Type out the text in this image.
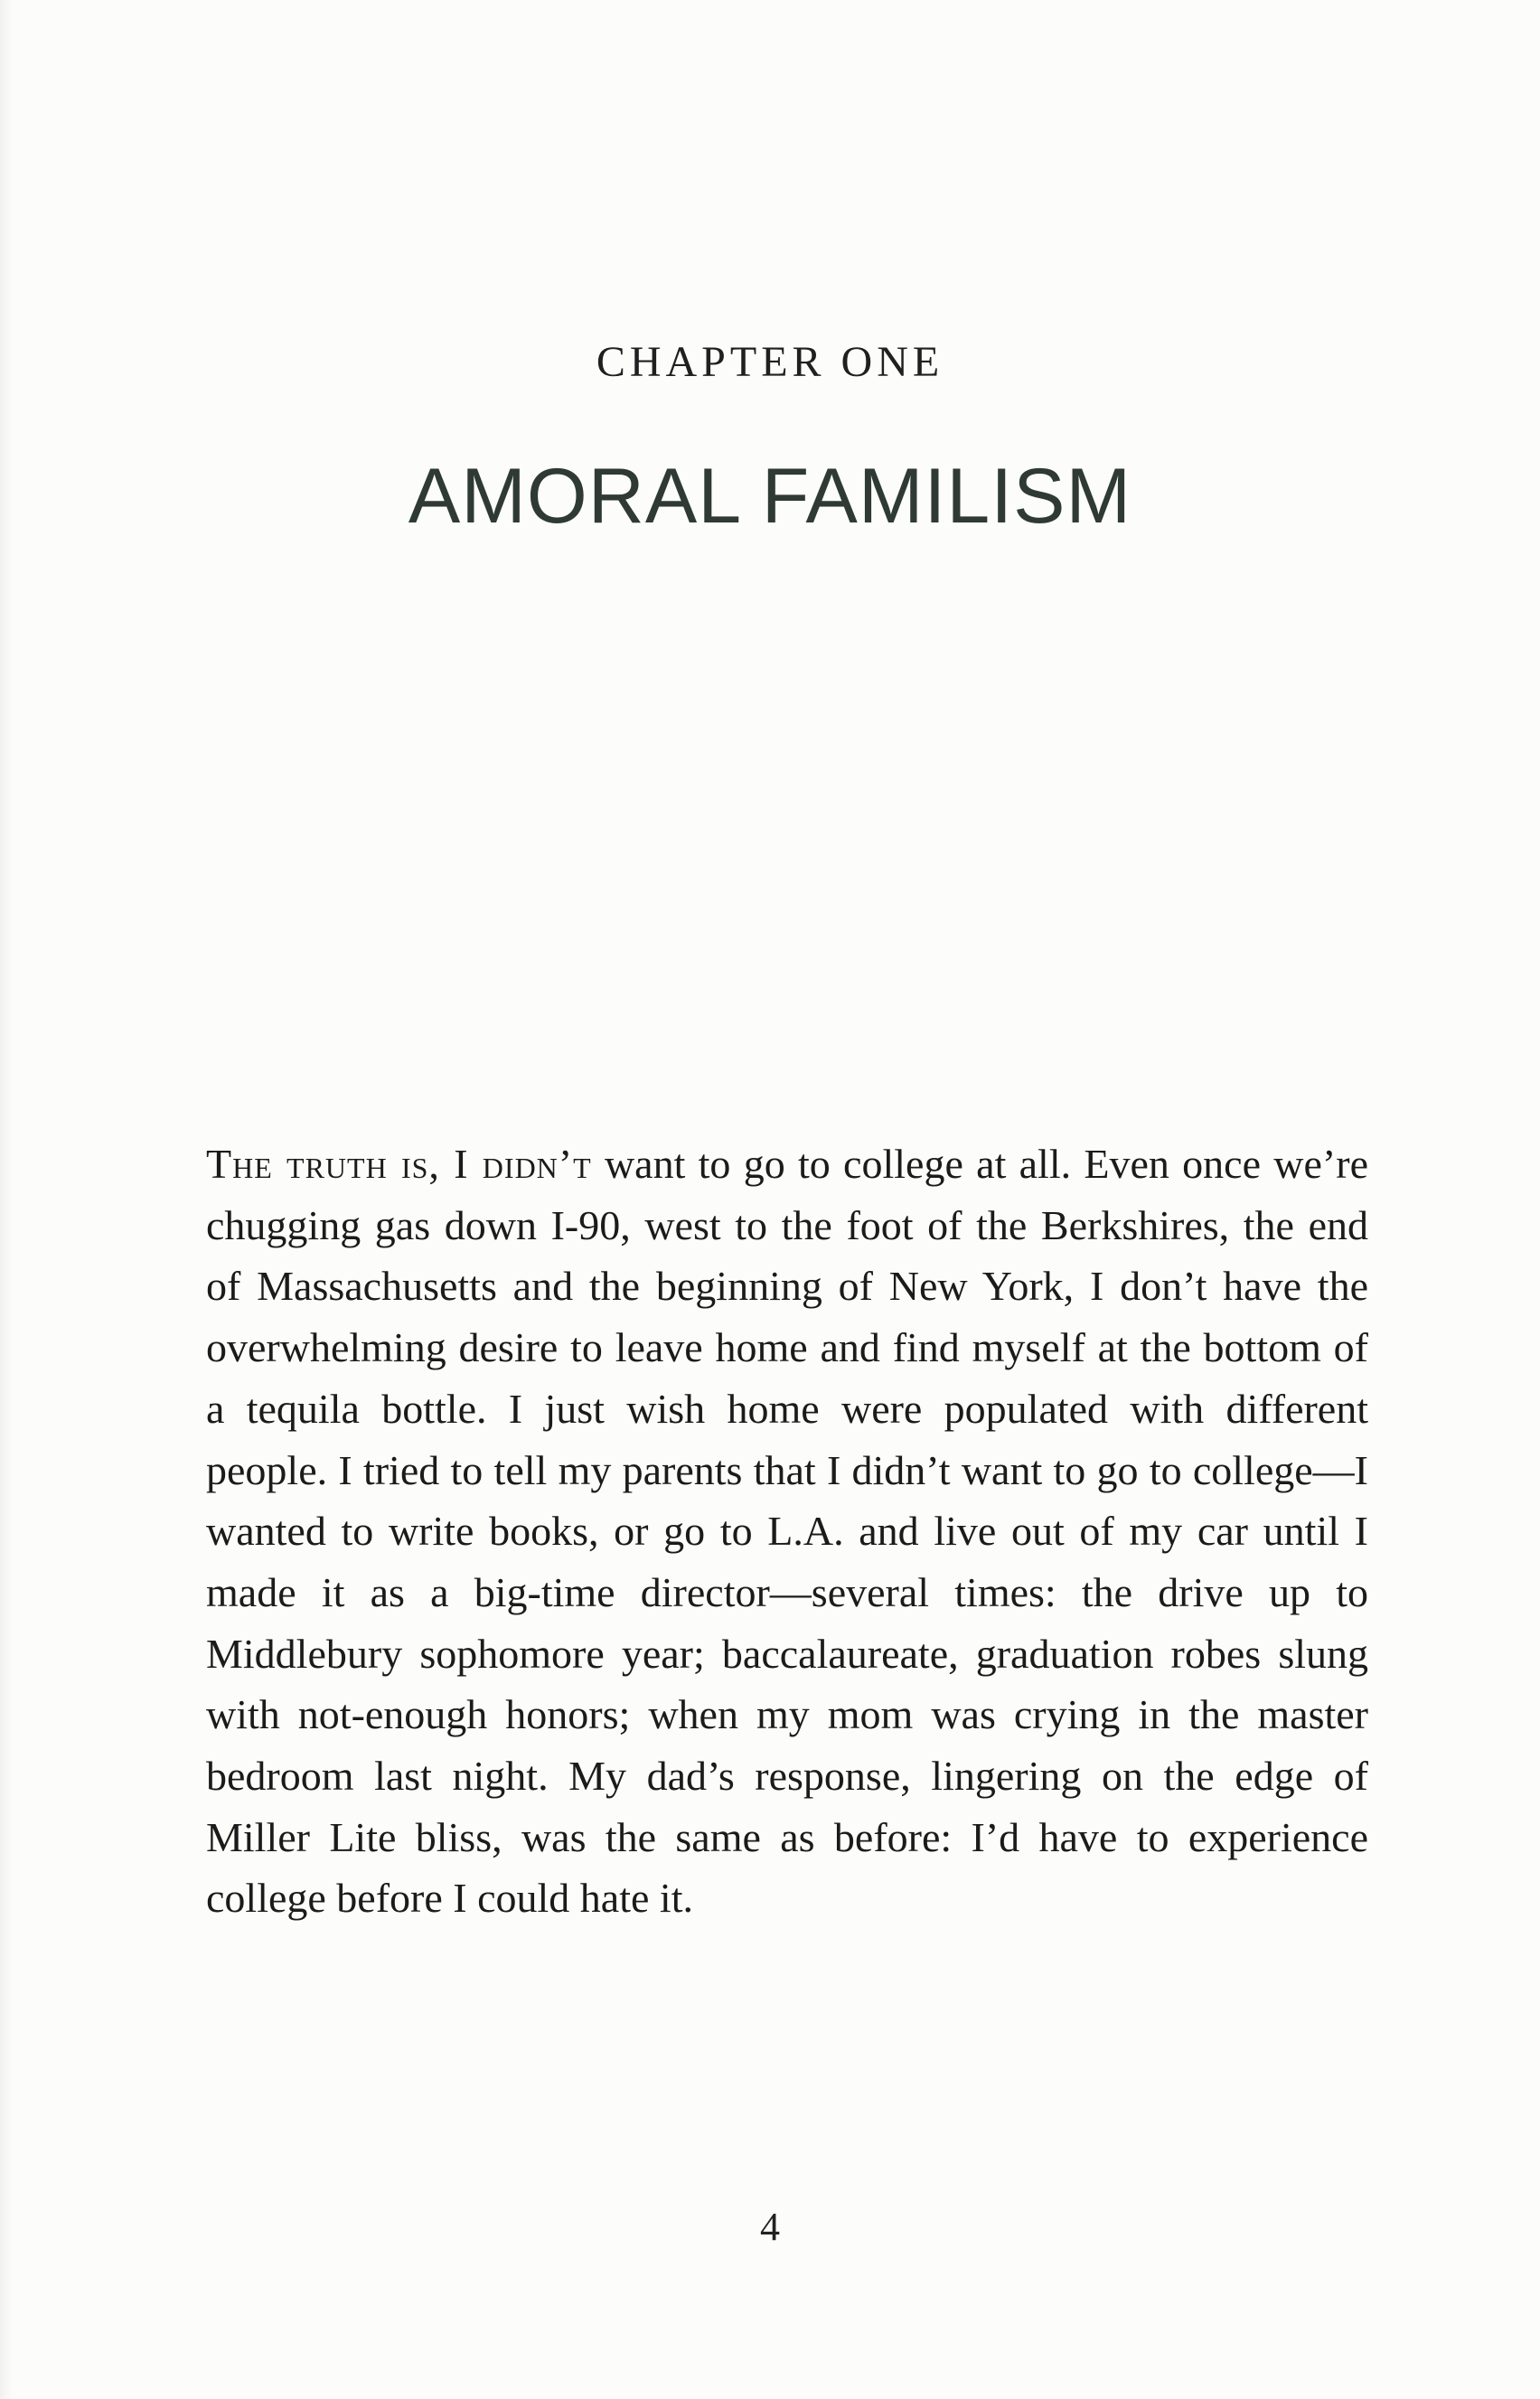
CHAPTER ONE
AMORAL FAMILISM

The truth is, I didn’t want to go to college at all. Even once we’re chugging gas down I-90, west to the foot of the Berkshires, the end of Massachusetts and the beginning of New York, I don’t have the overwhelming desire to leave home and find myself at the bottom of a tequila bottle. I just wish home were populated with different people. I tried to tell my parents that I didn’t want to go to college—I wanted to write books, or go to L.A. and live out of my car until I made it as a big-time director—several times: the drive up to Middlebury sophomore year; baccalaureate, graduation robes slung with not-enough honors; when my mom was crying in the master bedroom last night. My dad’s response, lingering on the edge of Miller Lite bliss, was the same as before: I’d have to experience college before I could hate it.

4
